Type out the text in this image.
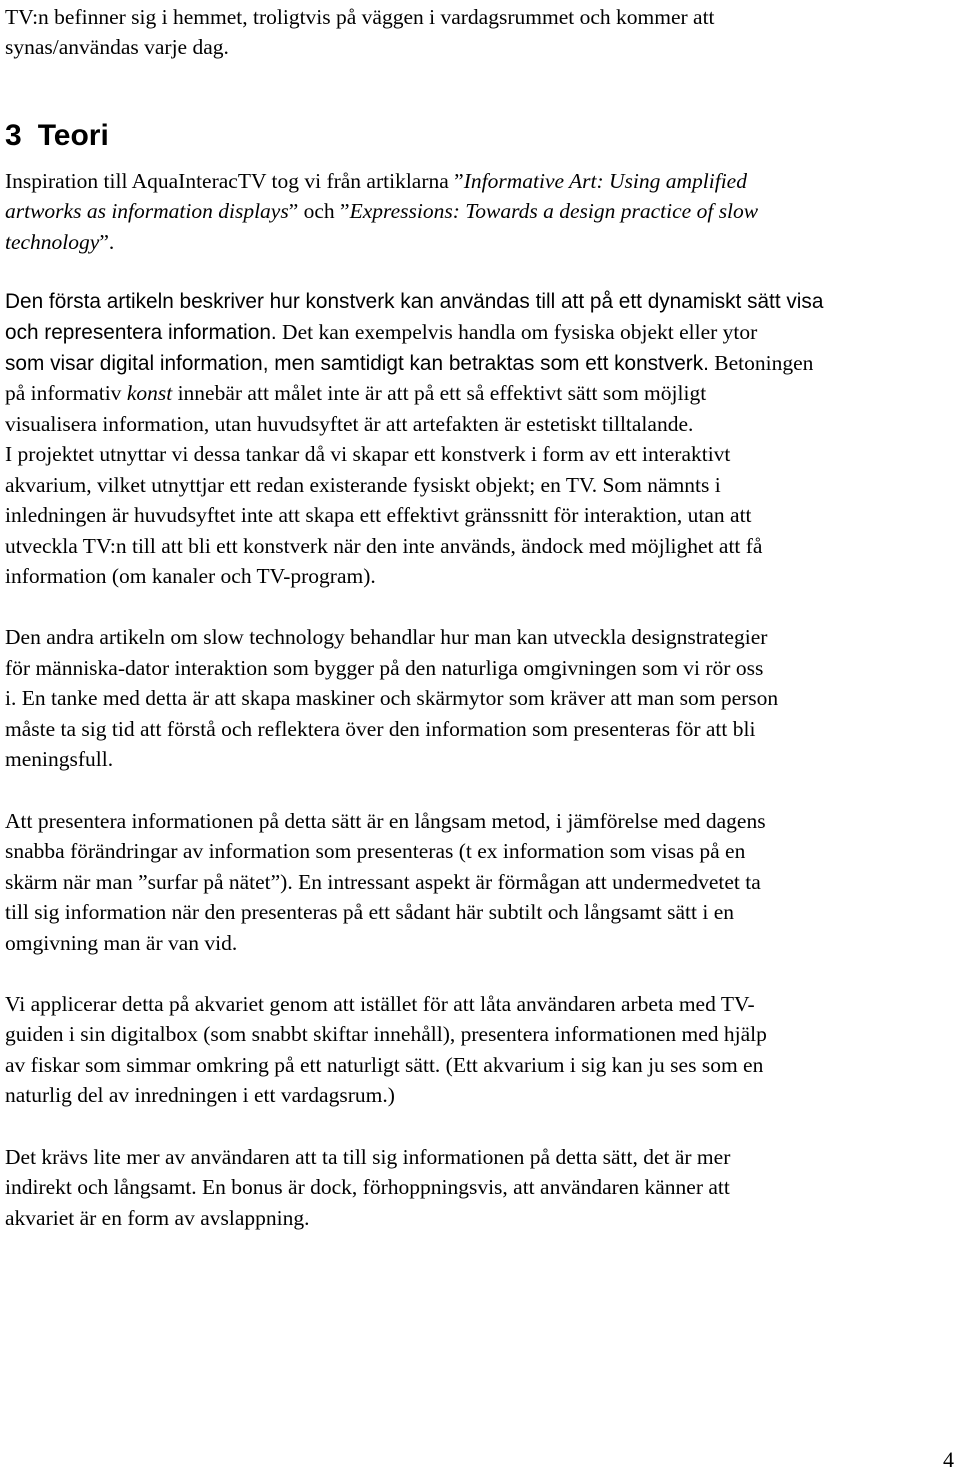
TV:n befinner sig i hemmet, troligtvis på väggen i vardagsrummet och kommer att
synas/användas varje dag.
3 Teori
Inspiration till AquaInteracTV tog vi från artiklarna ”Informative Art: Using amplified
artworks as information displays” och ”Expressions: Towards a design practice of slow
technology”.
Den första artikeln beskriver hur konstverk kan användas till att på ett dynamiskt sätt visa
och representera information. Det kan exempelvis handla om fysiska objekt eller ytor
som visar digital information, men samtidigt kan betraktas som ett konstverk. Betoningen
på informativ konst innebär att målet inte är att på ett så effektivt sätt som möjligt
visualisera information, utan huvudsyftet är att artefakten är estetiskt tilltalande.
I projektet utnyttar vi dessa tankar då vi skapar ett konstverk i form av ett interaktivt
akvarium, vilket utnyttjar ett redan existerande fysiskt objekt; en TV. Som nämnts i
inledningen är huvudsyftet inte att skapa ett effektivt gränssnitt för interaktion, utan att
utveckla TV:n till att bli ett konstverk när den inte används, ändock med möjlighet att få
information (om kanaler och TV-program).
Den andra artikeln om slow technology behandlar hur man kan utveckla designstrategier
för människa-dator interaktion som bygger på den naturliga omgivningen som vi rör oss
i. En tanke med detta är att skapa maskiner och skärmytor som kräver att man som person
måste ta sig tid att förstå och reflektera över den information som presenteras för att bli
meningsfull.
Att presentera informationen på detta sätt är en långsam metod, i jämförelse med dagens
snabba förändringar av information som presenteras (t ex information som visas på en
skärm när man ”surfar på nätet”). En intressant aspekt är förmågan att undermedvetet ta
till sig information när den presenteras på ett sådant här subtilt och långsamt sätt i en
omgivning man är van vid.
Vi applicerar detta på akvariet genom att istället för att låta användaren arbeta med TV-
guiden i sin digitalbox (som snabbt skiftar innehåll), presentera informationen med hjälp
av fiskar som simmar omkring på ett naturligt sätt. (Ett akvarium i sig kan ju ses som en
naturlig del av inredningen i ett vardagsrum.)
Det krävs lite mer av användaren att ta till sig informationen på detta sätt, det är mer
indirekt och långsamt. En bonus är dock, förhoppningsvis, att användaren känner att
akvariet är en form av avslappning.
4
